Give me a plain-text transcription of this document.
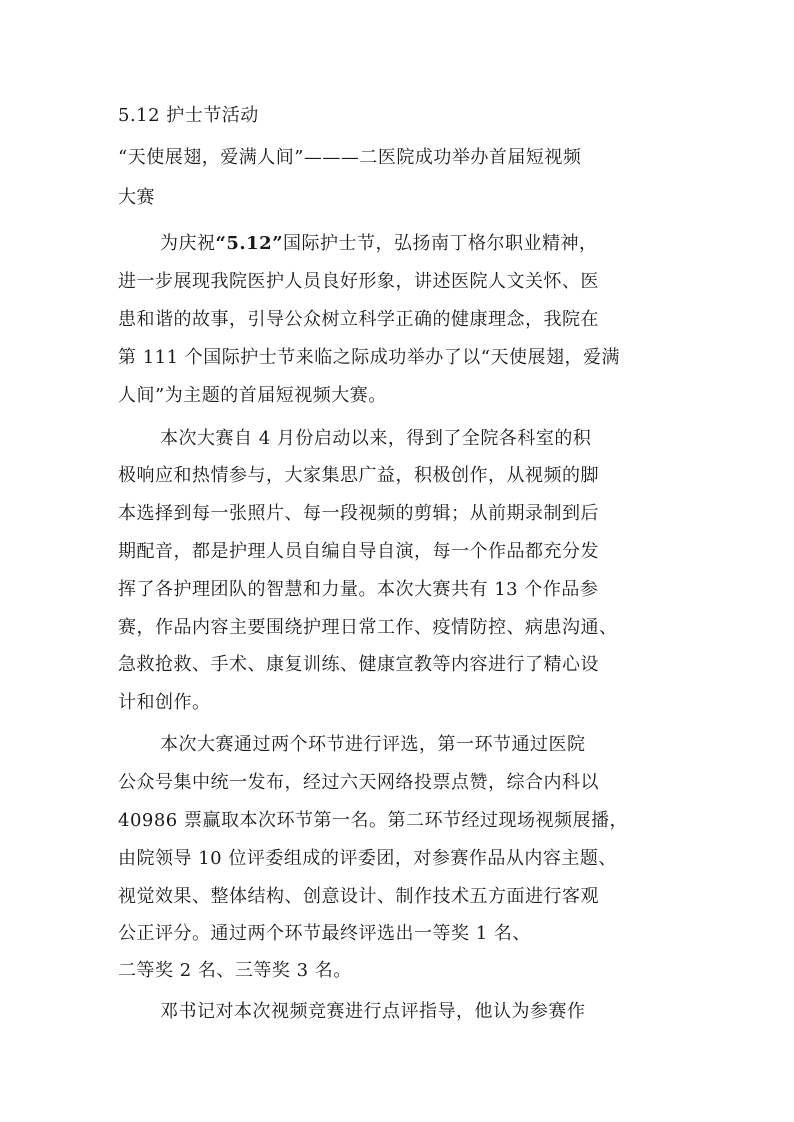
5.12 护士节活动
“天使展翅，爱满人间”———二医院成功举办首届短视频
大赛
为庆祝“5.12”国际护士节，弘扬南丁格尔职业精神，
进一步展现我院医护人员良好形象，讲述医院人文关怀、医
患和谐的故事，引导公众树立科学正确的健康理念，我院在
第 111 个国际护士节来临之际成功举办了以“天使展翅，爱满
人间”为主题的首届短视频大赛。
本次大赛自 4 月份启动以来，得到了全院各科室的积
极响应和热情参与，大家集思广益，积极创作，从视频的脚
本选择到每一张照片、每一段视频的剪辑；从前期录制到后
期配音，都是护理人员自编自导自演，每一个作品都充分发
挥了各护理团队的智慧和力量。本次大赛共有 13 个作品参
赛，作品内容主要围绕护理日常工作、疫情防控、病患沟通、
急救抢救、手术、康复训练、健康宣教等内容进行了精心设
计和创作。
本次大赛通过两个环节进行评选，第一环节通过医院
公众号集中统一发布，经过六天网络投票点赞，综合内科以
40986 票赢取本次环节第一名。第二环节经过现场视频展播，
由院领导 10 位评委组成的评委团，对参赛作品从内容主题、
视觉效果、整体结构、创意设计、制作技术五方面进行客观
公正评分。通过两个环节最终评选出一等奖 1 名、
二等奖 2 名、三等奖 3 名。
邓书记对本次视频竞赛进行点评指导，他认为参赛作
